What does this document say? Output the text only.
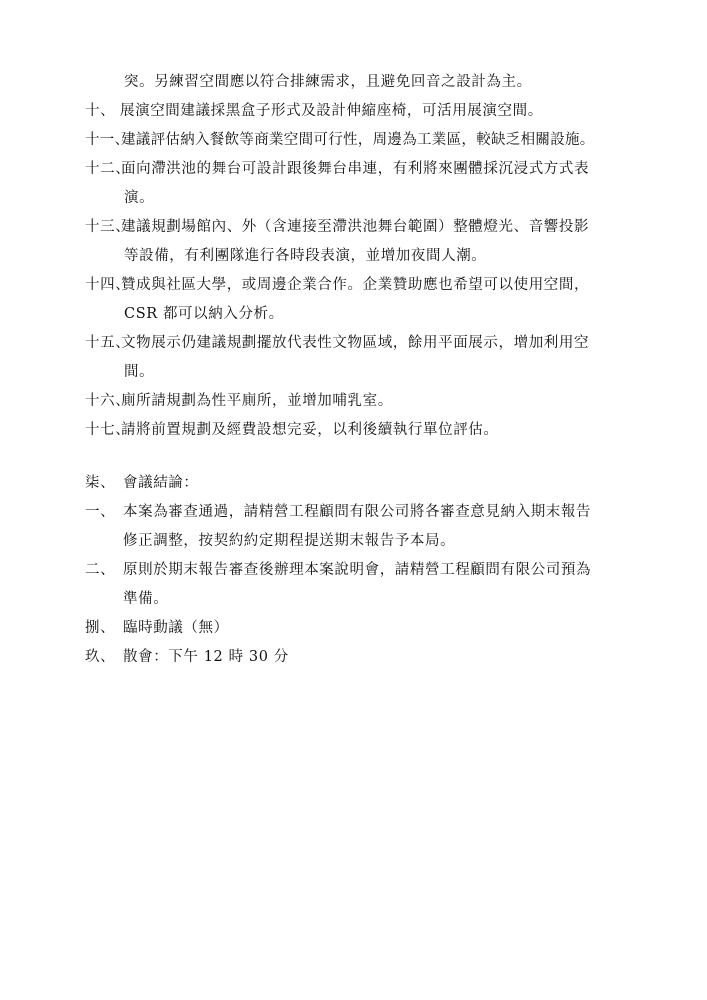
突。另練習空間應以符合排練需求，且避免回音之設計為主。
十、 展演空間建議採黑盒子形式及設計伸縮座椅，可活用展演空間。
十一、建議評估納入餐飲等商業空間可行性，周邊為工業區，較缺乏相關設施。
十二、面向滯洪池的舞台可設計跟後舞台串連，有利將來團體採沉浸式方式表
演。
十三、建議規劃場館內、外（含連接至滯洪池舞台範圍）整體燈光、音響投影
等設備，有利團隊進行各時段表演，並增加夜間人潮。
十四、贊成與社區大學，或周邊企業合作。企業贊助應也希望可以使用空間，
CSR 都可以納入分析。
十五、文物展示仍建議規劃擺放代表性文物區域，餘用平面展示，增加利用空
間。
十六、廁所請規劃為性平廁所，並增加哺乳室。
十七、請將前置規劃及經費設想完妥，以利後續執行單位評估。
柒、 會議結論：
一、 本案為審查通過，請精營工程顧問有限公司將各審查意見納入期末報告
修正調整，按契約約定期程提送期末報告予本局。
二、 原則於期末報告審查後辦理本案說明會，請精營工程顧問有限公司預為
準備。
捌、 臨時動議（無）
玖、 散會：下午 12 時 30 分
